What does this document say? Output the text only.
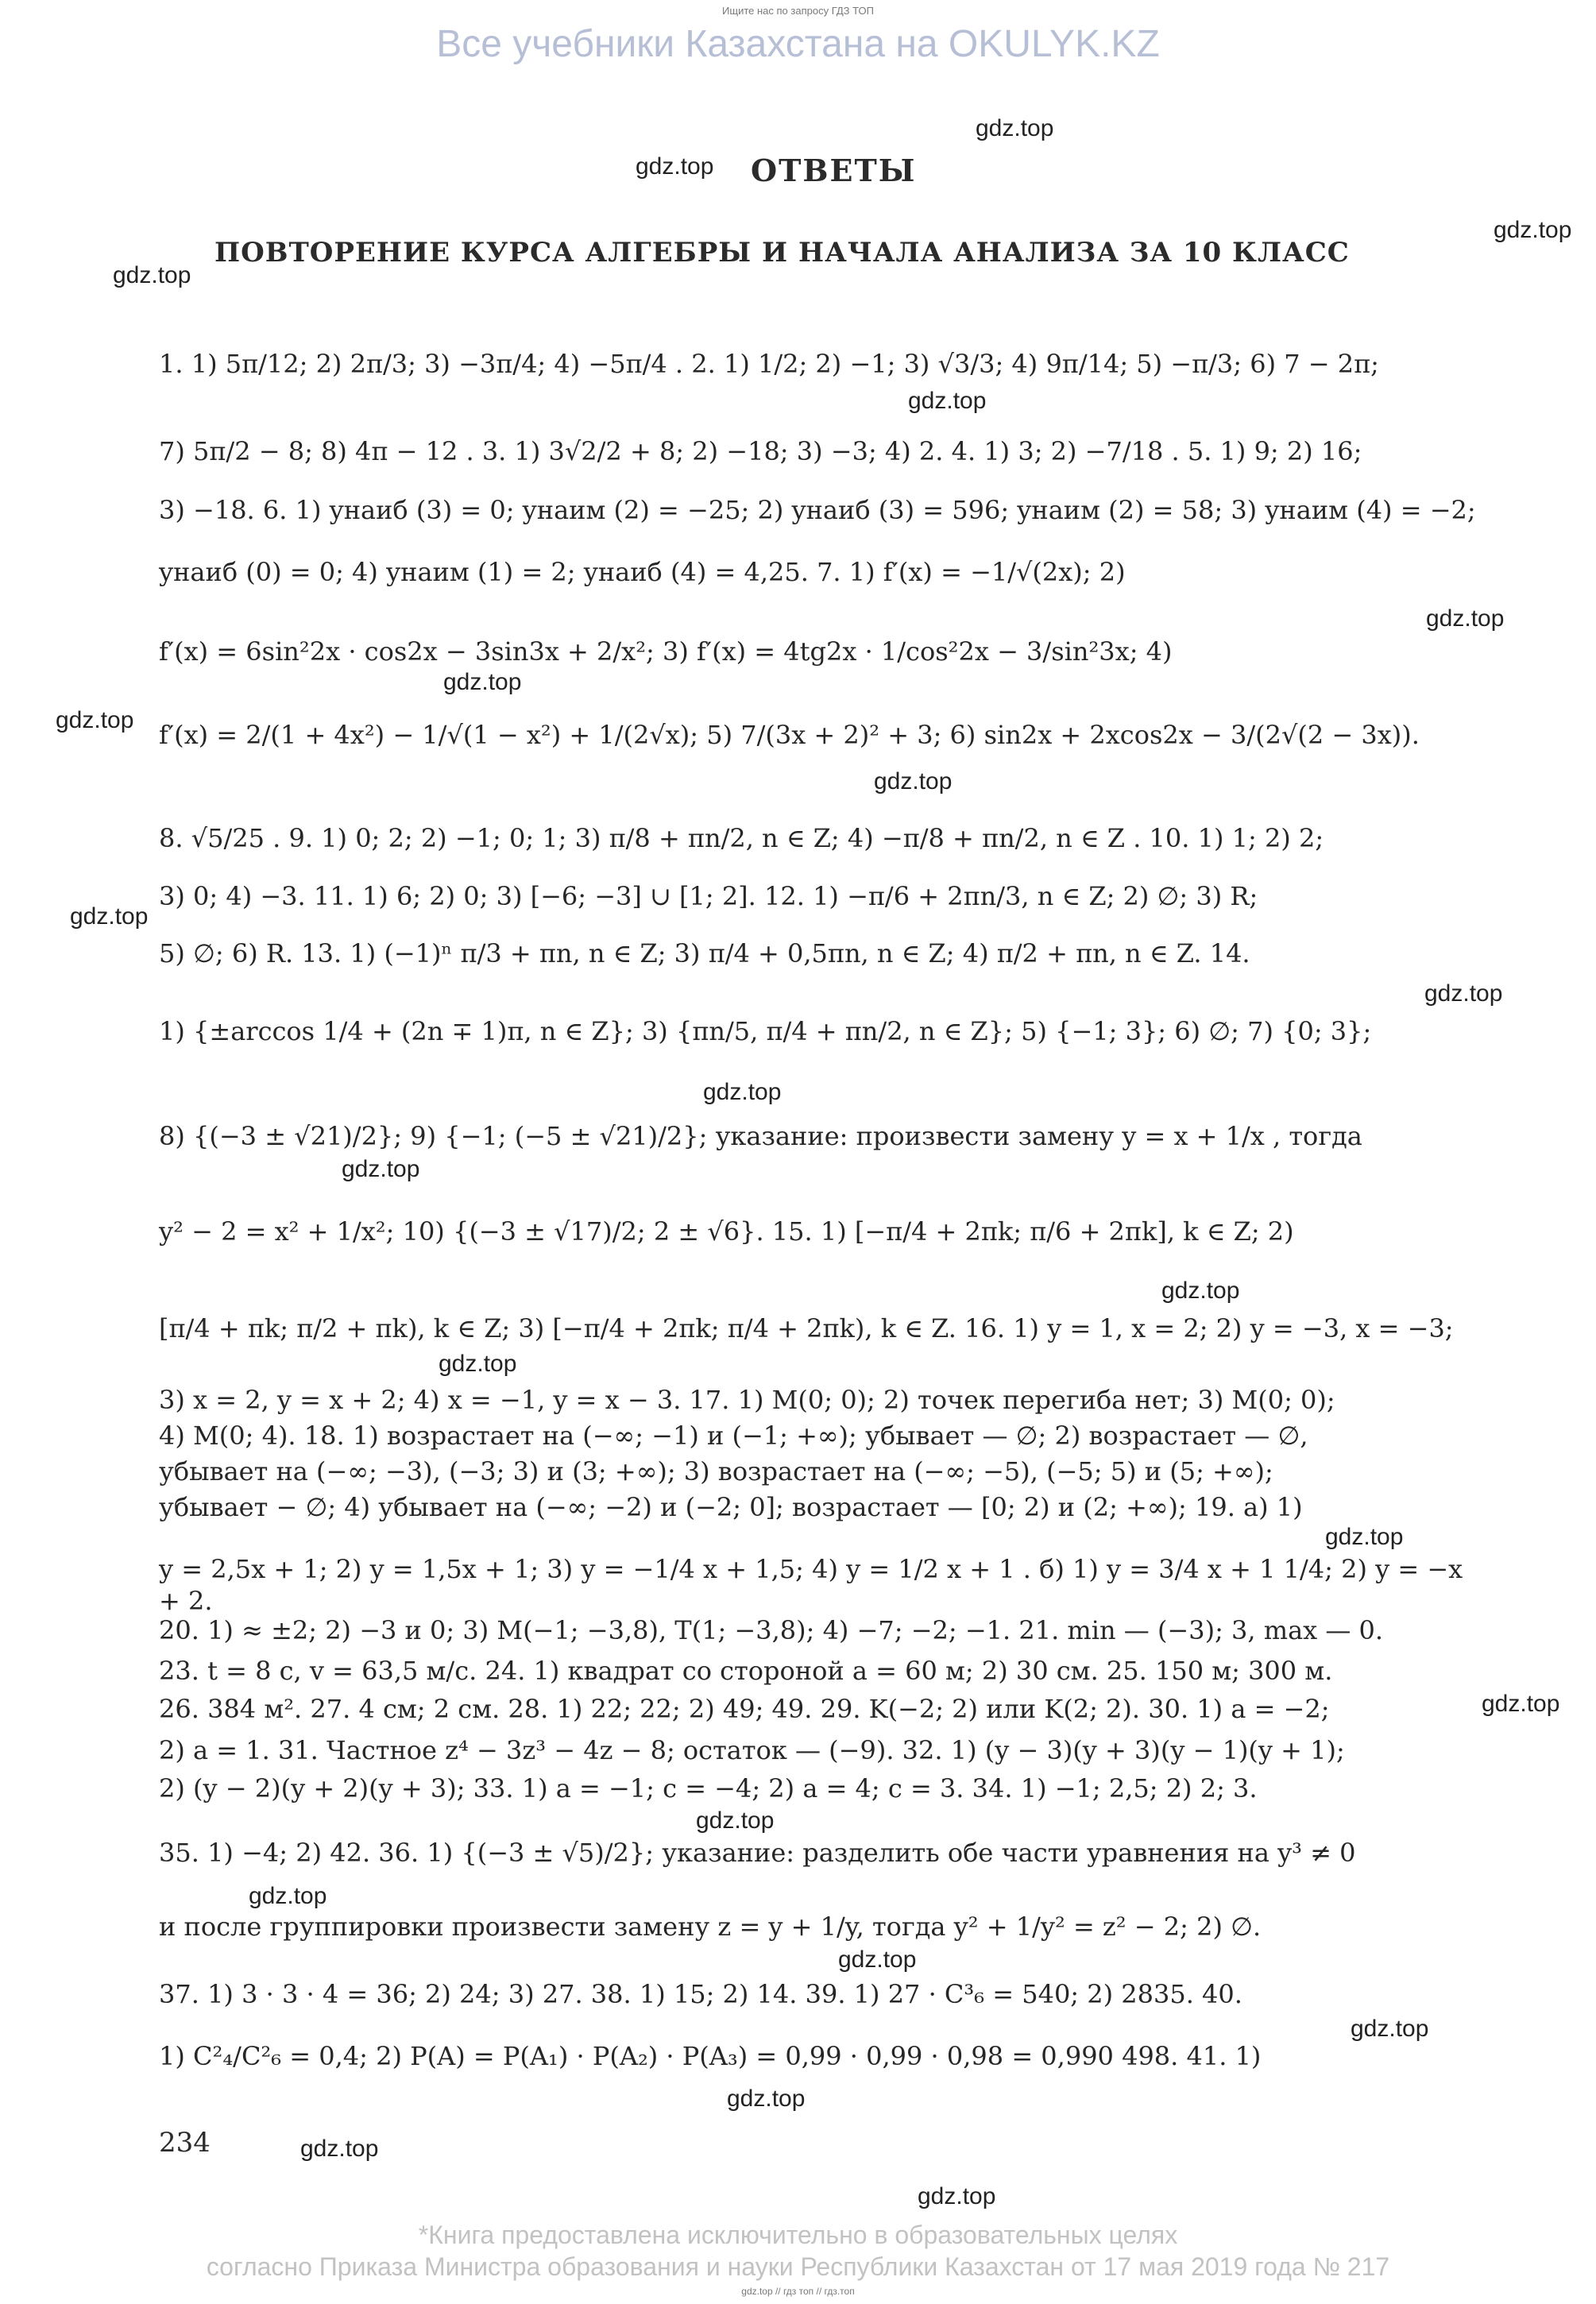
Ищите нас по запросу ГДЗ ТОП
Все учебники Казахстана на OKULYK.KZ
ОТВЕТЫ
ПОВТОРЕНИЕ КУРСА АЛГЕБРЫ И НАЧАЛА АНАЛИЗА ЗА 10 КЛАСС
1. 1) 5π/12; 2) 2π/3; 3) −3π/4; 4) −5π/4 . 2. 1) 1/2; 2) −1; 3) √3/3; 4) 9π/14; 5) −π/3; 6) 7 − 2π;
7) 5π/2 − 8; 8) 4π − 12 . 3. 1) 3√2/2 + 8; 2) −18; 3) −3; 4) 2. 4. 1) 3; 2) −7/18 . 5. 1) 9; 2) 16;
3) −18. 6. 1) yнаиб (3) = 0; yнаим (2) = −25; 2) yнаиб (3) = 596; yнаим (2) = 58; 3) yнаим (4) = −2;
yнаиб (0) = 0; 4) yнаим (1) = 2; yнаиб (4) = 4,25. 7. 1) f′(x) = −1/√(2x); 2)
f′(x) = 6sin²2x · cos2x − 3sin3x + 2/x²; 3) f′(x) = 4tg2x · 1/cos²2x − 3/sin²3x; 4)
f′(x) = 2/(1 + 4x²) − 1/√(1 − x²) + 1/(2√x); 5) 7/(3x + 2)² + 3; 6) sin2x + 2xcos2x − 3/(2√(2 − 3x)).
8. √5/25 . 9. 1) 0; 2; 2) −1; 0; 1; 3) π/8 + πn/2, n ∈ Z; 4) −π/8 + πn/2, n ∈ Z . 10. 1) 1; 2) 2;
3) 0; 4) −3. 11. 1) 6; 2) 0; 3) [−6; −3] ∪ [1; 2]. 12. 1) −π/6 + 2πn/3, n ∈ Z; 2) ∅; 3) R;
5) ∅; 6) R. 13. 1) (−1)ⁿ π/3 + πn, n ∈ Z; 3) π/4 + 0,5πn, n ∈ Z; 4) π/2 + πn, n ∈ Z. 14.
1) {±arccos 1/4 + (2n ∓ 1)π, n ∈ Z}; 3) {πn/5, π/4 + πn/2, n ∈ Z}; 5) {−1; 3}; 6) ∅; 7) {0; 3};
8) {(−3 ± √21)/2}; 9) {−1; (−5 ± √21)/2}; указание: произвести замену y = x + 1/x , тогда
y² − 2 = x² + 1/x²; 10) {(−3 ± √17)/2; 2 ± √6}. 15. 1) [−π/4 + 2πk; π/6 + 2πk], k ∈ Z; 2)
[π/4 + πk; π/2 + πk), k ∈ Z; 3) [−π/4 + 2πk; π/4 + 2πk), k ∈ Z. 16. 1) y = 1, x = 2; 2) y = −3, x = −3;
3) x = 2, y = x + 2; 4) x = −1, y = x − 3. 17. 1) M(0; 0); 2) точек перегиба нет; 3) M(0; 0);
4) M(0; 4). 18. 1) возрастает на (−∞; −1) и (−1; +∞); убывает — ∅; 2) возрастает — ∅,
убывает на (−∞; −3), (−3; 3) и (3; +∞); 3) возрастает на (−∞; −5), (−5; 5) и (5; +∞);
убывает − ∅; 4) убывает на (−∞; −2) и (−2; 0]; возрастает — [0; 2) и (2; +∞); 19. а) 1)
y = 2,5x + 1; 2) y = 1,5x + 1; 3) y = −1/4 x + 1,5; 4) y = 1/2 x + 1 . б) 1) y = 3/4 x + 1 1/4; 2) y = −x + 2.
20. 1) ≈ ±2; 2) −3 и 0; 3) M(−1; −3,8), T(1; −3,8); 4) −7; −2; −1. 21. min — (−3); 3, max — 0.
23. t = 8 c, v = 63,5 м/c. 24. 1) квадрат со стороной a = 60 м; 2) 30 см. 25. 150 м; 300 м.
26. 384 м². 27. 4 см; 2 см. 28. 1) 22; 22; 2) 49; 49. 29. K(−2; 2) или K(2; 2). 30. 1) a = −2;
2) a = 1. 31. Частное z⁴ − 3z³ − 4z − 8; остаток — (−9). 32. 1) (y − 3)(y + 3)(y − 1)(y + 1);
2) (y − 2)(y + 2)(y + 3); 33. 1) a = −1; c = −4; 2) a = 4; c = 3. 34. 1) −1; 2,5; 2) 2; 3.
35. 1) −4; 2) 42. 36. 1) {(−3 ± √5)/2}; указание: разделить обе части уравнения на y³ ≠ 0
и после группировки произвести замену z = y + 1/y, тогда y² + 1/y² = z² − 2; 2) ∅.
37. 1) 3 · 3 · 4 = 36; 2) 24; 3) 27. 38. 1) 15; 2) 14. 39. 1) 27 · C³₆ = 540; 2) 2835. 40.
1) C²₄/C²₆ = 0,4; 2) P(A) = P(A₁) · P(A₂) · P(A₃) = 0,99 · 0,99 · 0,98 = 0,990 498. 41. 1)
234
gdz.top
gdz.top
gdz.top
gdz.top
gdz.top
gdz.top
gdz.top
gdz.top
gdz.top
gdz.top
gdz.top
gdz.top
gdz.top
gdz.top
gdz.top
gdz.top
gdz.top
gdz.top
gdz.top
gdz.top
gdz.top
gdz.top
gdz.top
gdz.top
*Книга предоставлена исключительно в образовательных целях
согласно Приказа Министра образования и науки Республики Казахстан от 17 мая 2019 года № 217
gdz.top // гдз топ // гдз.топ
